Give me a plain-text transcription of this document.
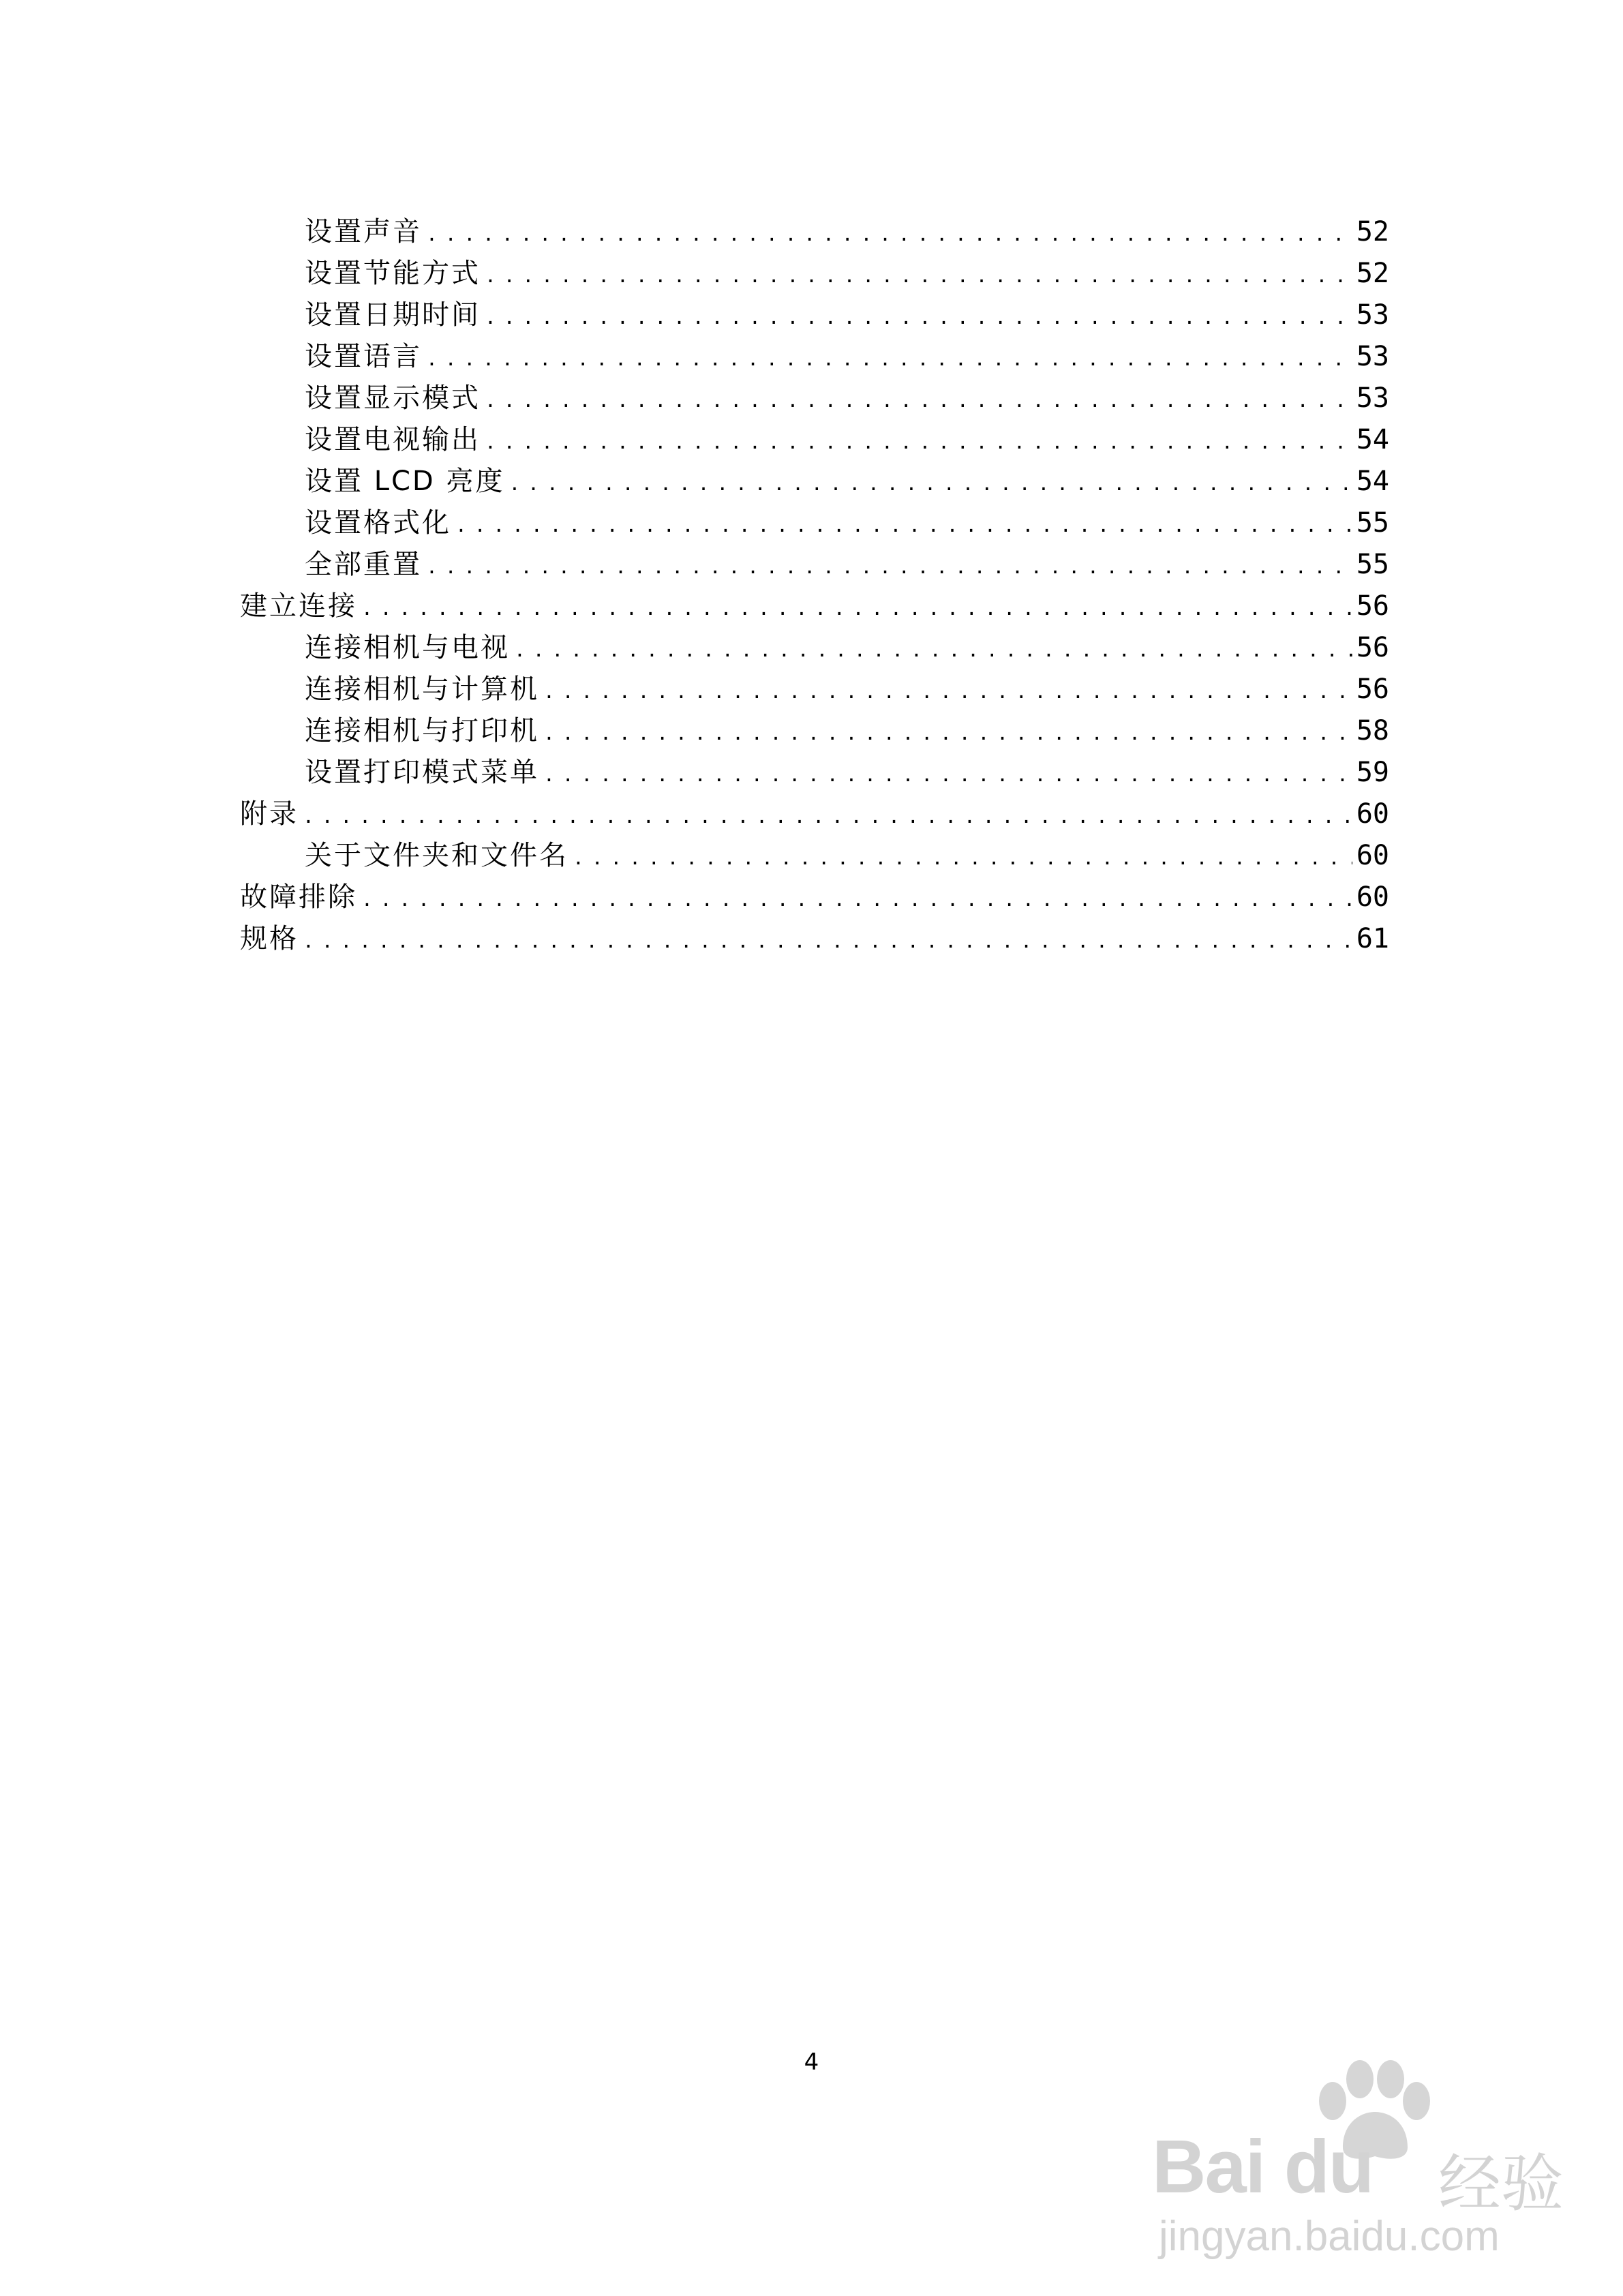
设置声音 . . .	52
设置节能方式 . . .	52
设置日期时间 . . .	53
设置语言 . . .	53
设置显示模式 . . .	53
设置电视输出 . . .	54
设置 LCD 亮度 . . .	54
设置格式化 . . .	55
全部重置 . . .	55
建立连接 . . .	56
连接相机与电视 . . .	56
连接相机与计算机 . . .	56
连接相机与打印机 . . .	58
设置打印模式菜单 . . .	59
附录 . . .	60
关于文件夹和文件名 . . .	60
故障排除 . . .	60
规格 . . .	61
4
Bai du 经验
jingyan.baidu.com
